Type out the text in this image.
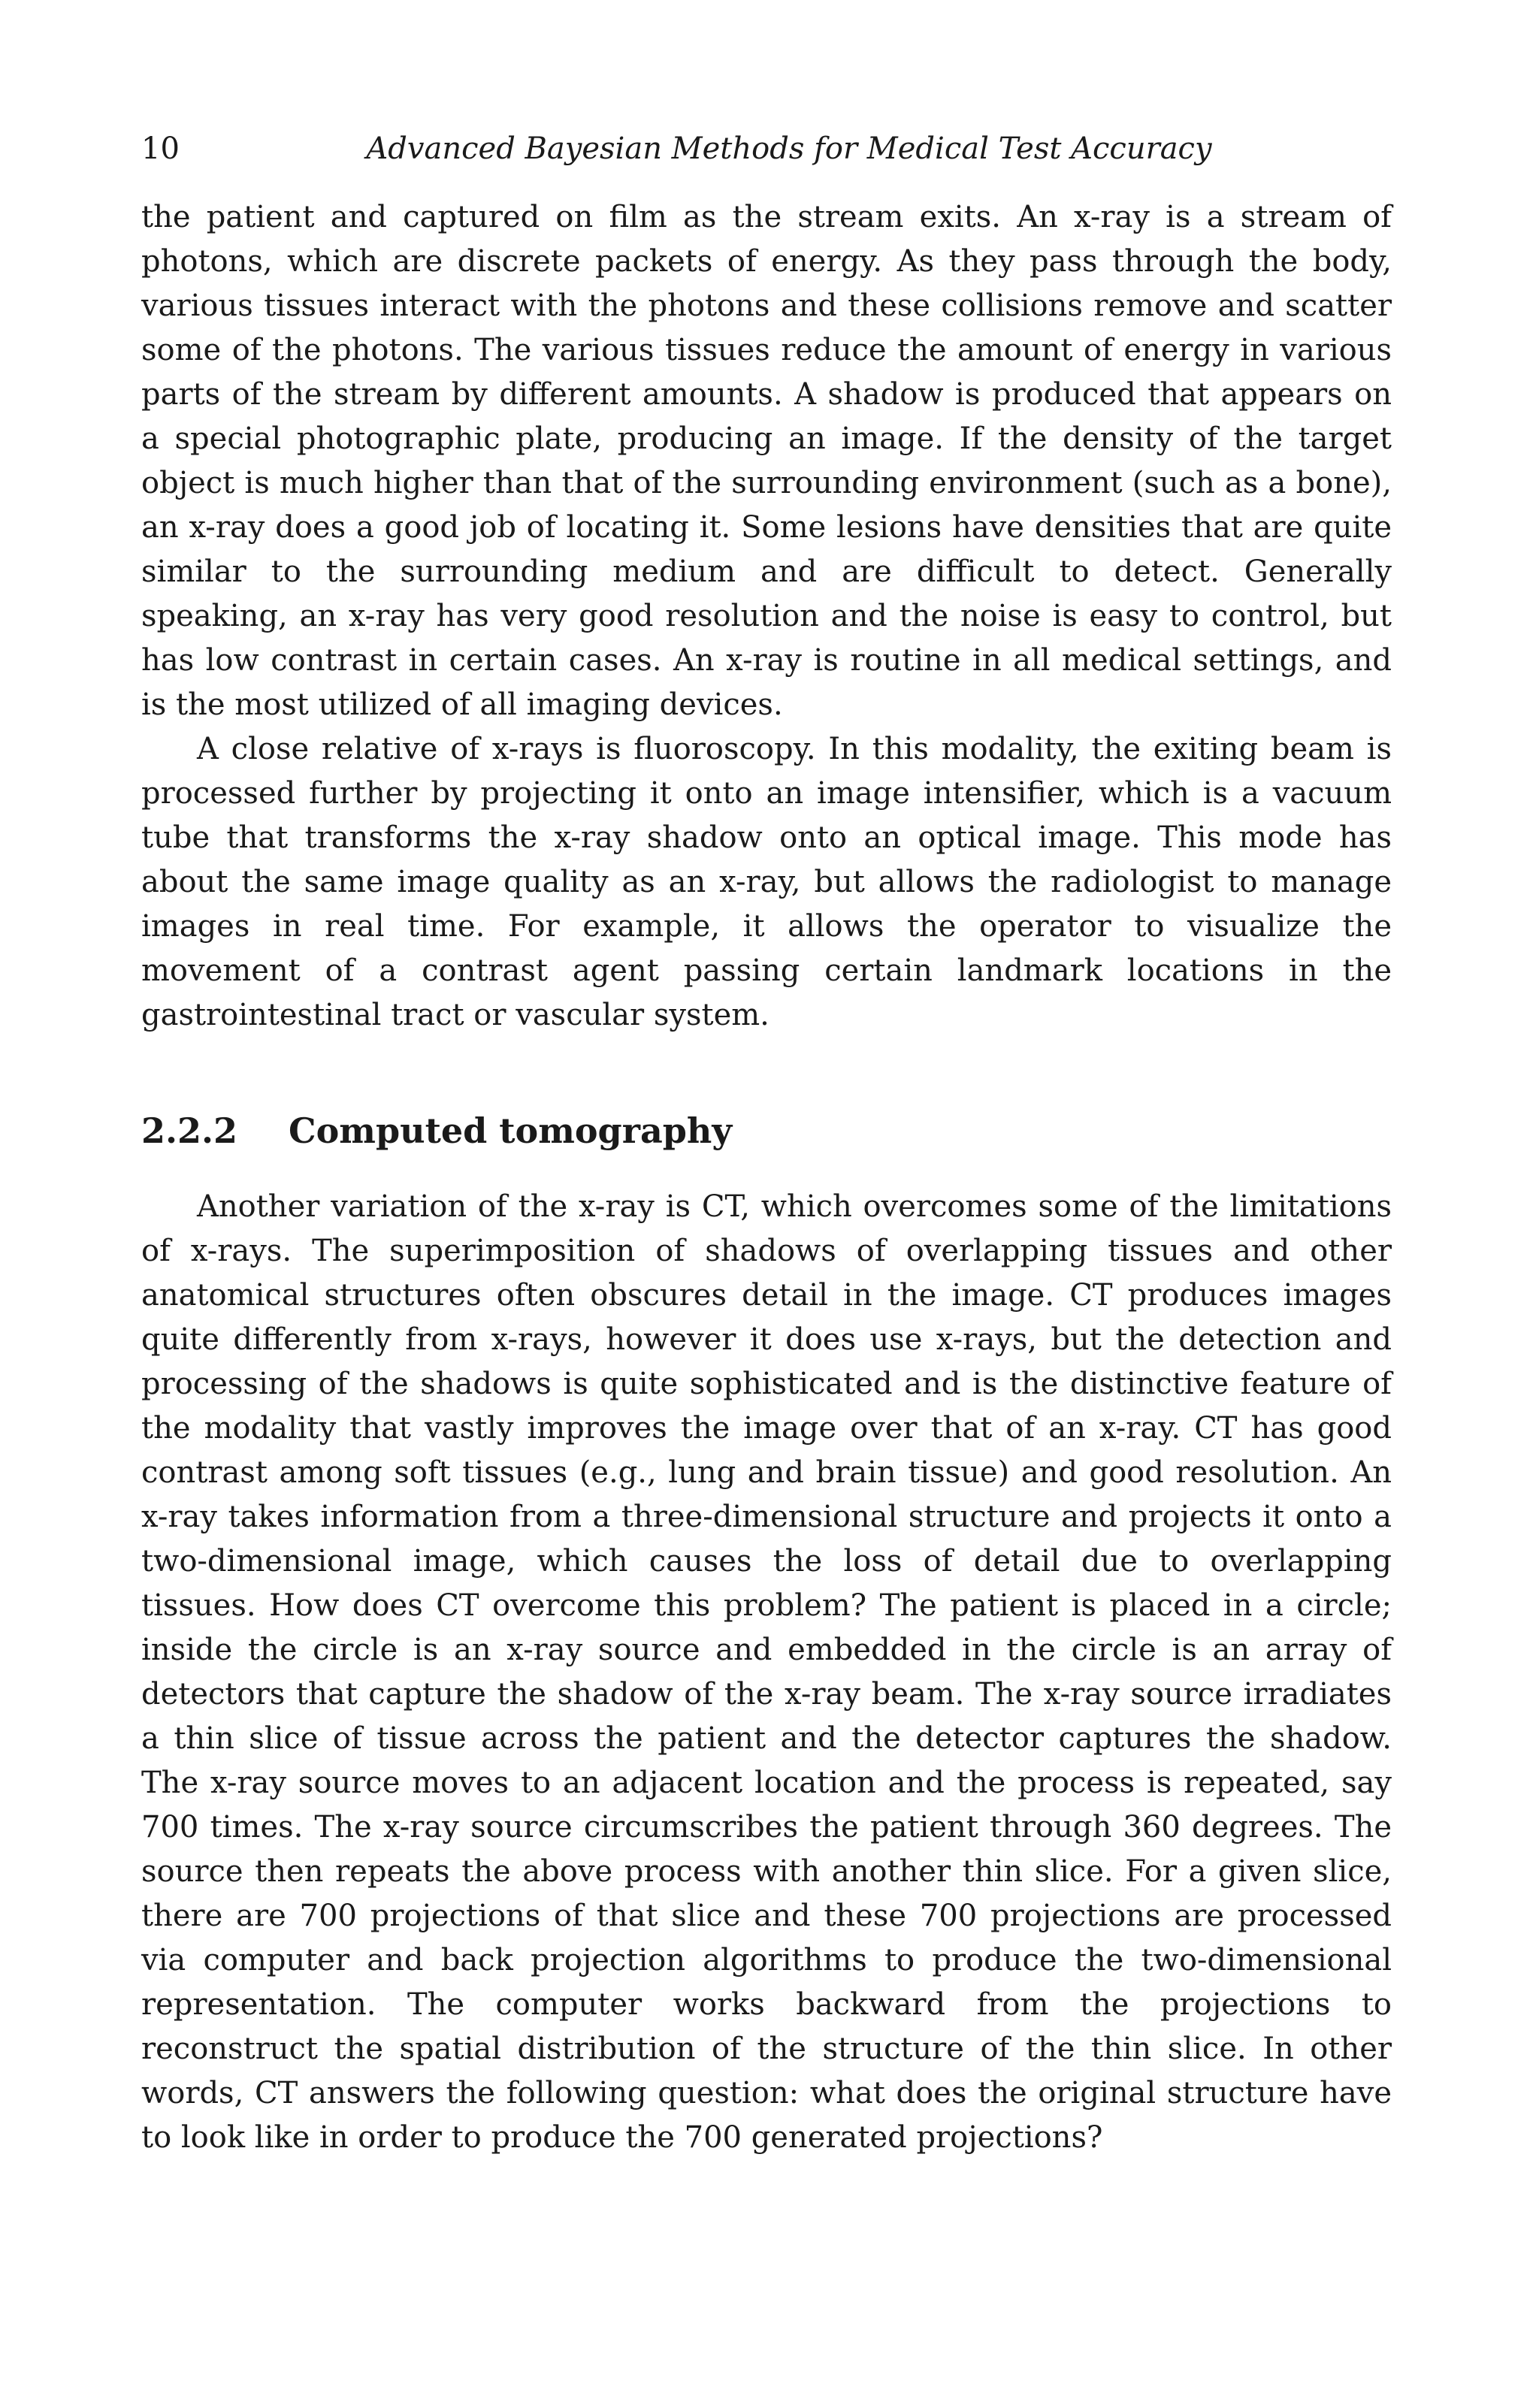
10	Advanced Bayesian Methods for Medical Test Accuracy

the patient and captured on film as the stream exits. An x-ray is a stream of photons, which are discrete packets of energy. As they pass through the body, various tissues interact with the photons and these collisions remove and scatter some of the photons. The various tissues reduce the amount of energy in various parts of the stream by different amounts. A shadow is produced that appears on a special photographic plate, producing an image. If the density of the target object is much higher than that of the surrounding environment (such as a bone), an x-ray does a good job of locating it. Some lesions have densities that are quite similar to the surrounding medium and are difficult to detect. Generally speaking, an x-ray has very good resolution and the noise is easy to control, but has low contrast in certain cases. An x-ray is routine in all medical settings, and is the most utilized of all imaging devices.

A close relative of x-rays is fluoroscopy. In this modality, the exiting beam is processed further by projecting it onto an image intensifier, which is a vacuum tube that transforms the x-ray shadow onto an optical image. This mode has about the same image quality as an x-ray, but allows the radiologist to manage images in real time. For example, it allows the operator to visualize the movement of a contrast agent passing certain landmark locations in the gastrointestinal tract or vascular system.

2.2.2 Computed tomography

Another variation of the x-ray is CT, which overcomes some of the limitations of x-rays. The superimposition of shadows of overlapping tissues and other anatomical structures often obscures detail in the image. CT produces images quite differently from x-rays, however it does use x-rays, but the detection and processing of the shadows is quite sophisticated and is the distinctive feature of the modality that vastly improves the image over that of an x-ray. CT has good contrast among soft tissues (e.g., lung and brain tissue) and good resolution. An x-ray takes information from a three-dimensional structure and projects it onto a two-dimensional image, which causes the loss of detail due to overlapping tissues. How does CT overcome this problem? The patient is placed in a circle; inside the circle is an x-ray source and embedded in the circle is an array of detectors that capture the shadow of the x-ray beam. The x-ray source irradiates a thin slice of tissue across the patient and the detector captures the shadow. The x-ray source moves to an adjacent location and the process is repeated, say 700 times. The x-ray source circumscribes the patient through 360 degrees. The source then repeats the above process with another thin slice. For a given slice, there are 700 projections of that slice and these 700 projections are processed via computer and back projection algorithms to produce the two-dimensional representation. The computer works backward from the projections to reconstruct the spatial distribution of the structure of the thin slice. In other words, CT answers the following question: what does the original structure have to look like in order to produce the 700 generated projections?
